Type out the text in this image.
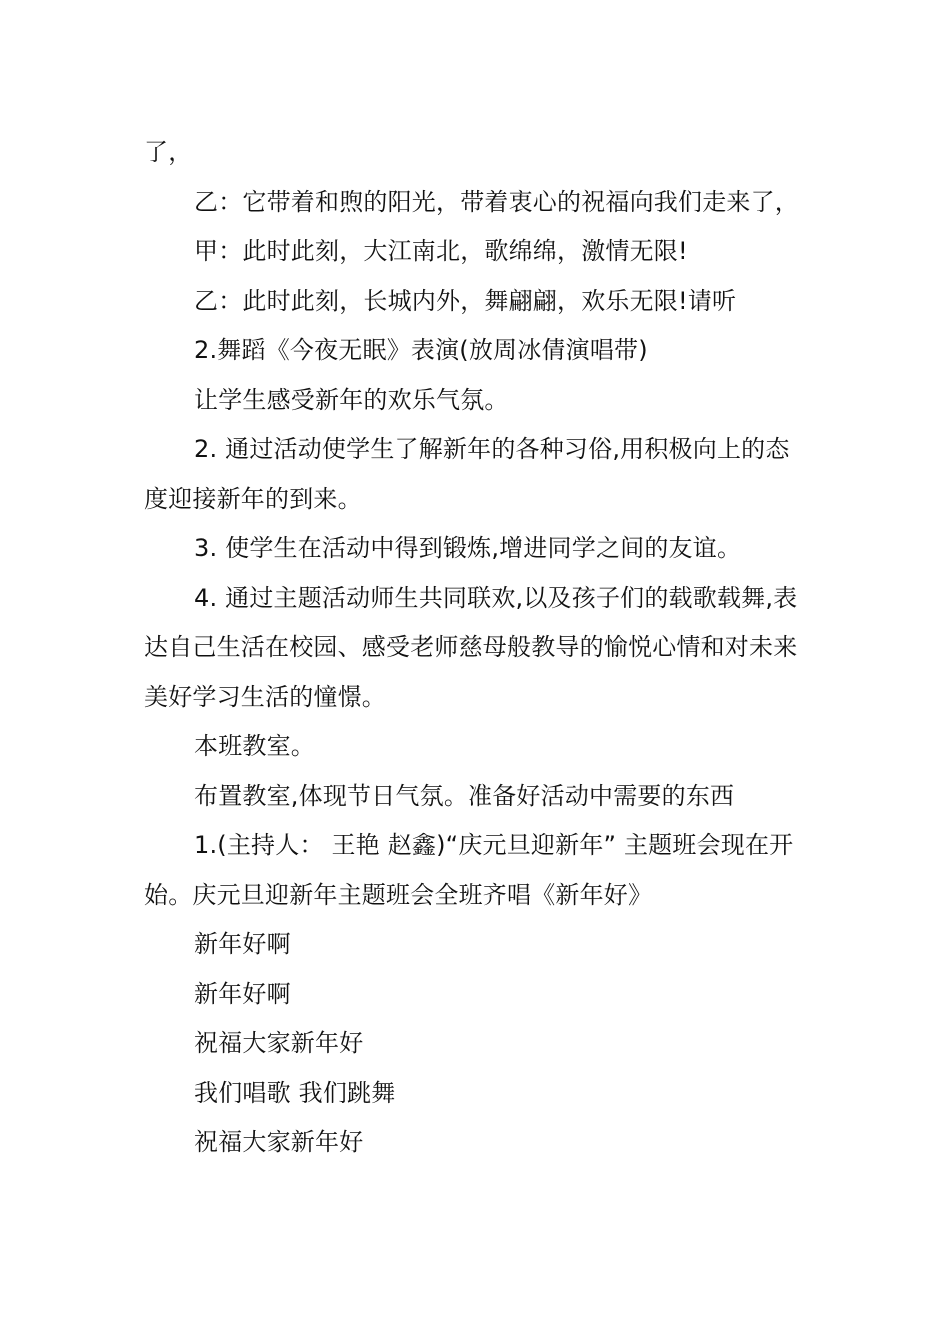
了，

乙：它带着和煦的阳光，带着衷心的祝福向我们走来了，

甲：此时此刻，大江南北，歌绵绵，激情无限!

乙：此时此刻，长城内外，舞翩翩，欢乐无限!请听

2.舞蹈《今夜无眠》表演(放周冰倩演唱带)

让学生感受新年的欢乐气氛。

2. 通过活动使学生了解新年的各种习俗,用积极向上的态度迎接新年的到来。

3. 使学生在活动中得到锻炼,增进同学之间的友谊。

4. 通过主题活动师生共同联欢,以及孩子们的载歌载舞,表达自己生活在校园、感受老师慈母般教导的愉悦心情和对未来美好学习生活的憧憬。

本班教室。

布置教室,体现节日气氛。准备好活动中需要的东西

1.(主持人： 王艳 赵鑫)“庆元旦迎新年” 主题班会现在开始。庆元旦迎新年主题班会全班齐唱《新年好》

新年好啊

新年好啊

祝福大家新年好

我们唱歌 我们跳舞

祝福大家新年好
